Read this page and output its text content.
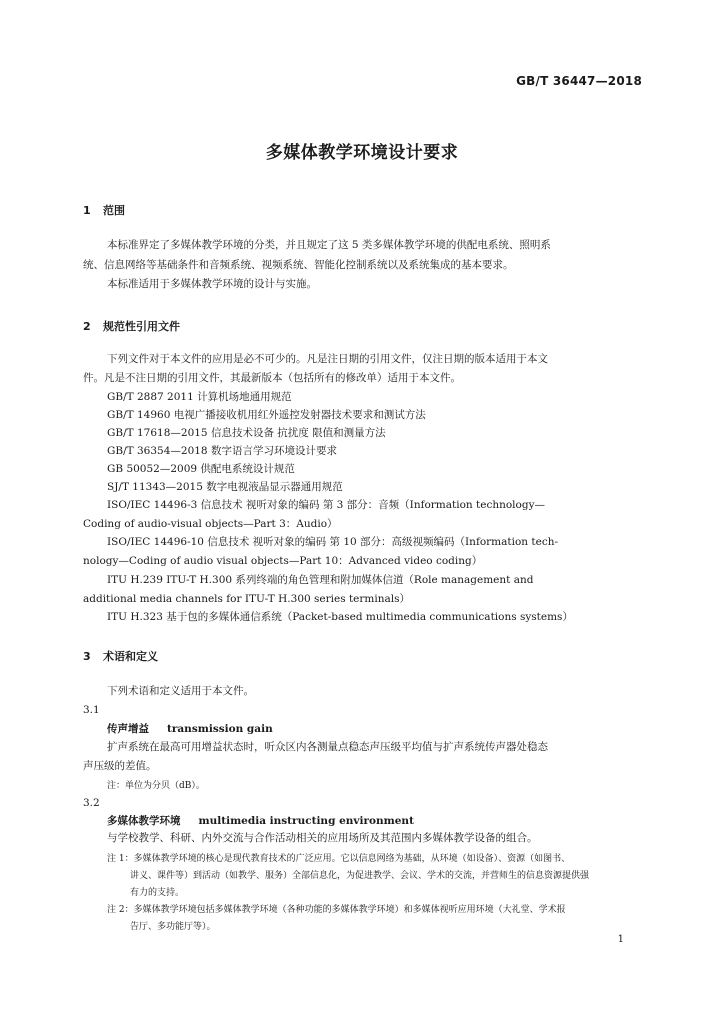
GB/T 36447—2018
多媒体教学环境设计要求
1 范围
本标准界定了多媒体教学环境的分类，并且规定了这 5 类多媒体教学环境的供配电系统、照明系
统、信息网络等基础条件和音频系统、视频系统、智能化控制系统以及系统集成的基本要求。
本标准适用于多媒体教学环境的设计与实施。
2 规范性引用文件
下列文件对于本文件的应用是必不可少的。凡是注日期的引用文件，仅注日期的版本适用于本文
件。凡是不注日期的引用文件，其最新版本（包括所有的修改单）适用于本文件。
GB/T 2887 2011 计算机场地通用规范
GB/T 14960 电视广播接收机用红外遥控发射器技术要求和测试方法
GB/T 17618—2015 信息技术设备 抗扰度 限值和测量方法
GB/T 36354—2018 数字语言学习环境设计要求
GB 50052—2009 供配电系统设计规范
SJ/T 11343—2015 数字电视液晶显示器通用规范
ISO/IEC 14496-3 信息技术 视听对象的编码 第 3 部分：音频（Information technology—
Coding of audio-visual objects—Part 3：Audio）
ISO/IEC 14496-10 信息技术 视听对象的编码 第 10 部分：高级视频编码（Information tech-
nology—Coding of audio visual objects—Part 10：Advanced video coding）
ITU H.239 ITU-T H.300 系列终端的角色管理和附加媒体信道（Role management and
additional media channels for ITU-T H.300 series terminals）
ITU H.323 基于包的多媒体通信系统（Packet-based multimedia communications systems）
3 术语和定义
下列术语和定义适用于本文件。
3.1
传声增益 transmission gain
扩声系统在最高可用增益状态时，听众区内各测量点稳态声压级平均值与扩声系统传声器处稳态
声压级的差值。
注：单位为分贝（dB）。
3.2
多媒体教学环境 multimedia instructing environment
与学校教学、科研、内外交流与合作活动相关的应用场所及其范围内多媒体教学设备的组合。
注 1：多媒体教学环境的核心是现代教育技术的广泛应用。它以信息网络为基础，从环境（如设备）、资源（如图书、
讲义、课件等）到活动（如教学、服务）全部信息化，为促进教学、会议、学术的交流，并营师生的信息资源提供强
有力的支持。
注 2：多媒体教学环境包括多媒体教学环境（各种功能的多媒体教学环境）和多媒体视听应用环境（大礼堂、学术报
告厅、多功能厅等）。
1
